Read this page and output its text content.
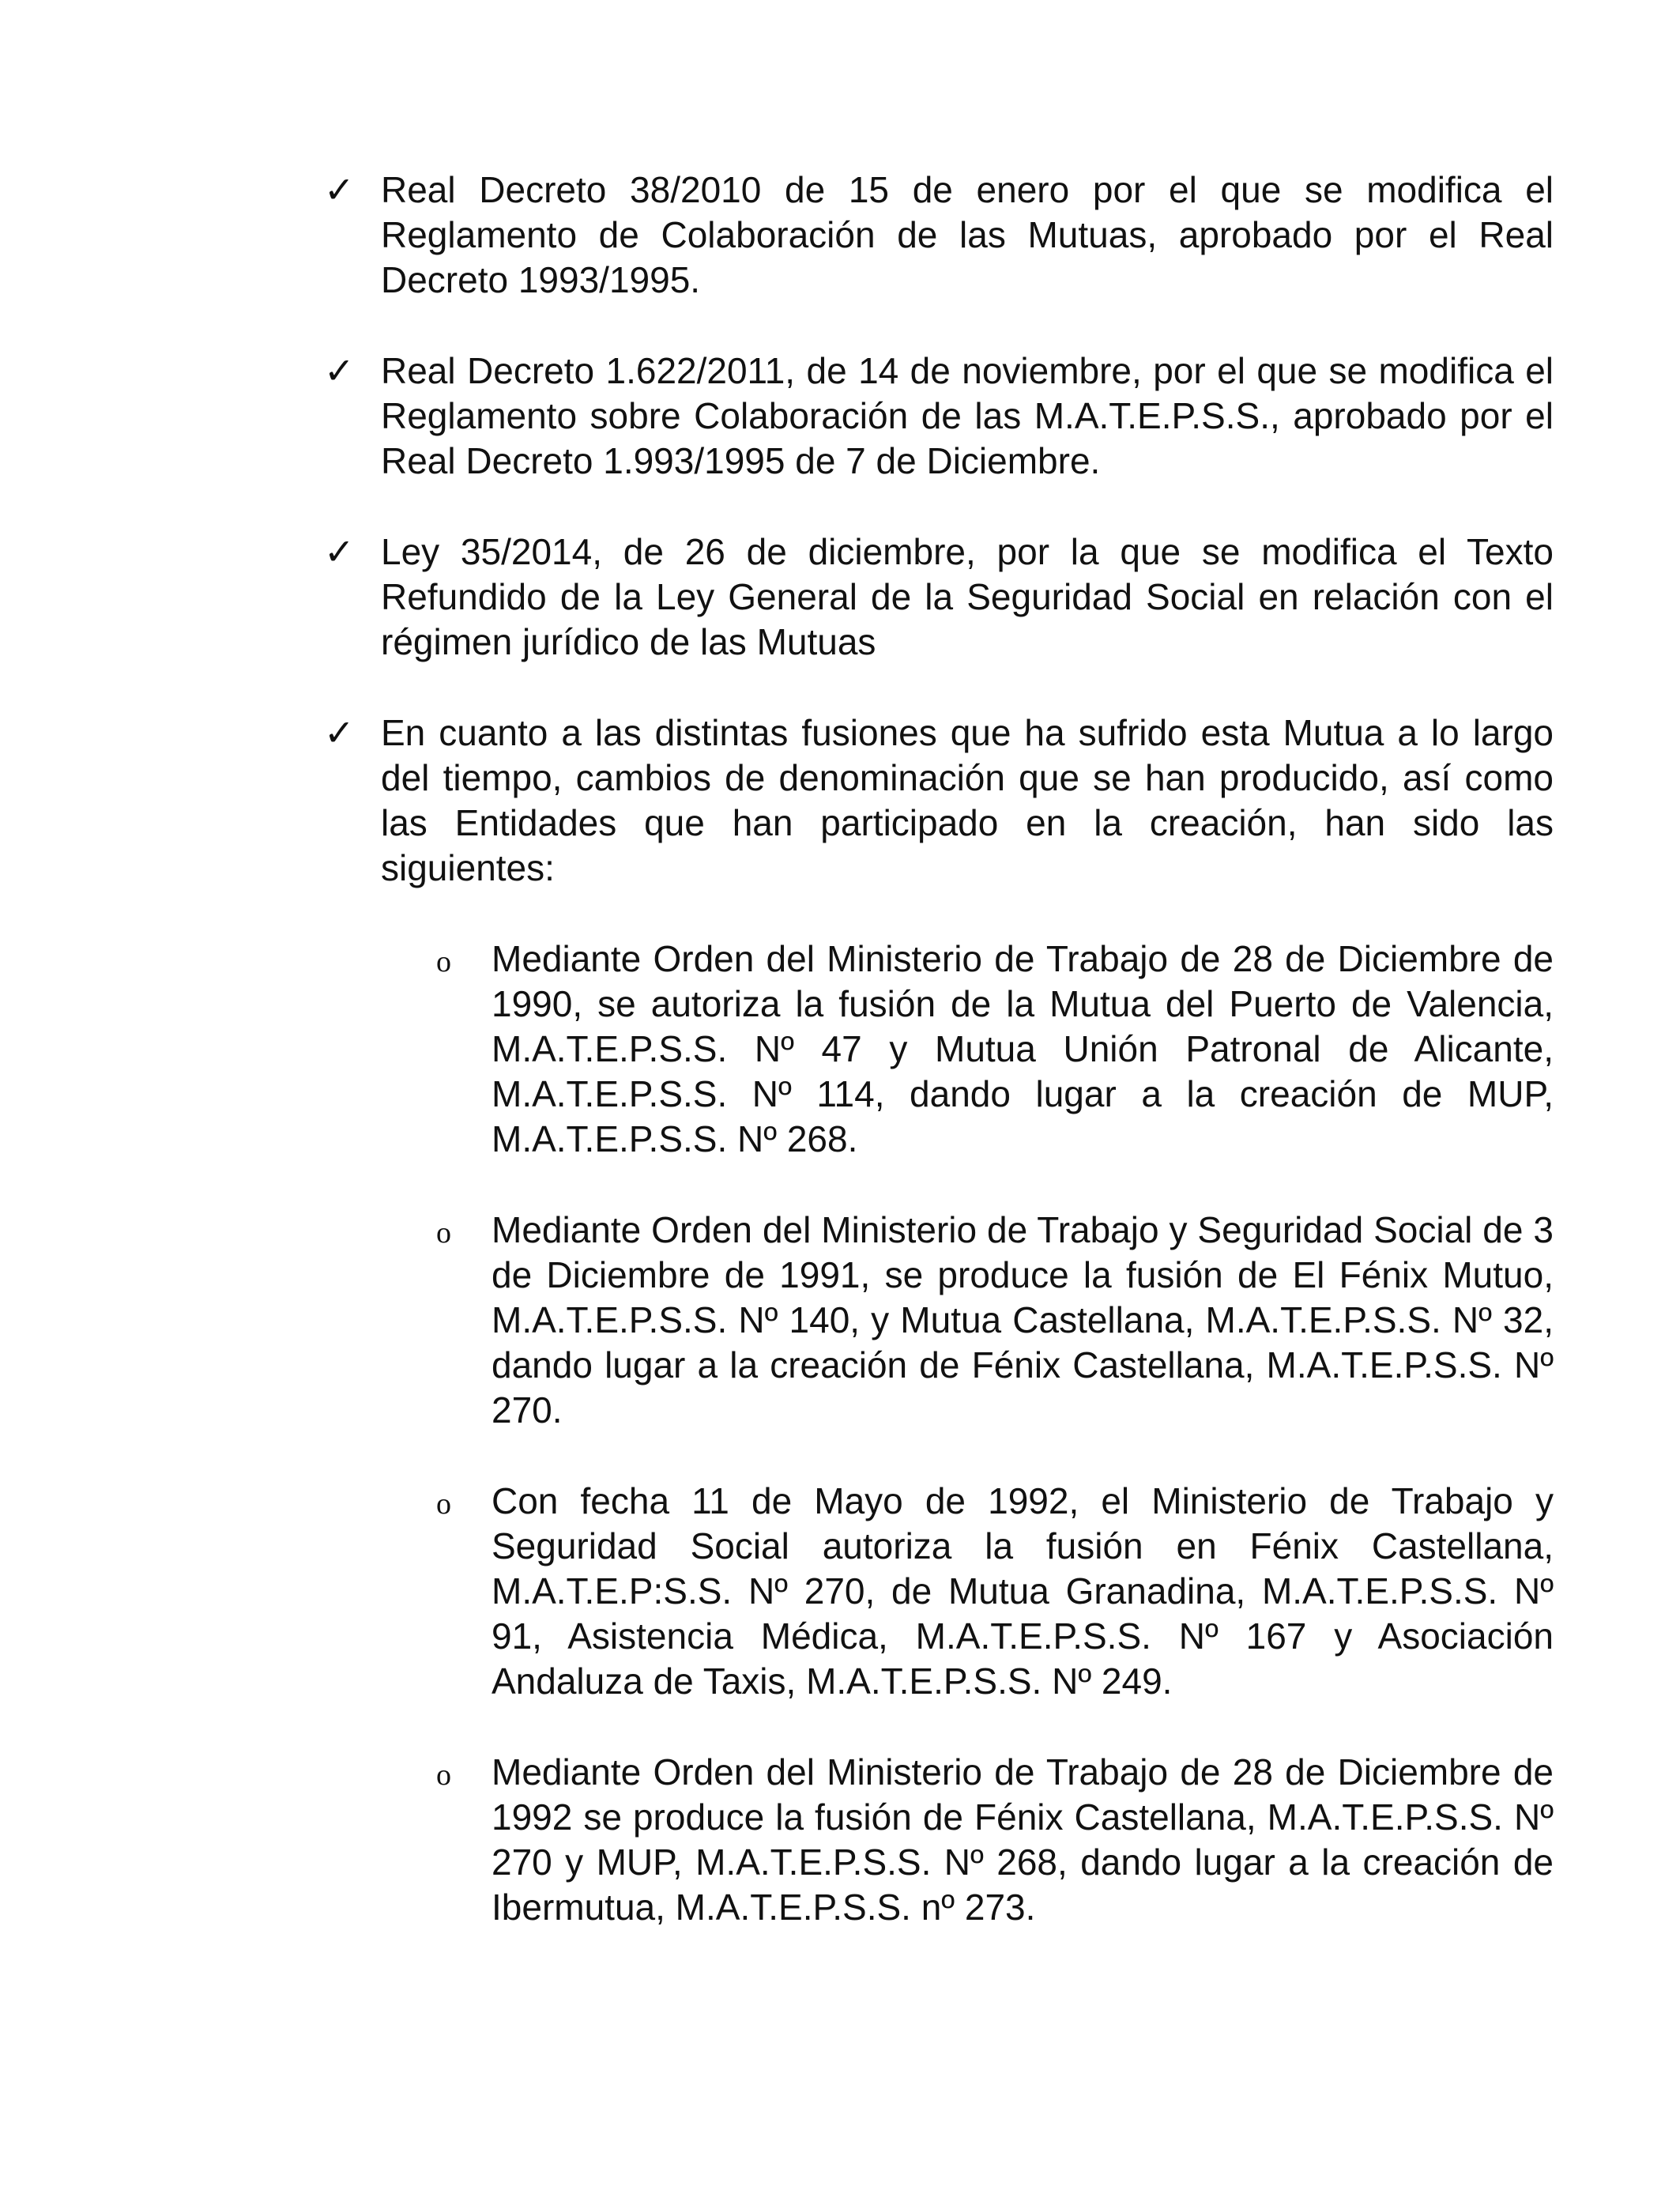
✓ Real Decreto 38/2010 de 15 de enero por el que se modifica el Reglamento de Colaboración de las Mutuas, aprobado por el Real Decreto 1993/1995.

✓ Real Decreto 1.622/2011, de 14 de noviembre, por el que se modifica el Reglamento sobre Colaboración de las M.A.T.E.P.S.S., aprobado por el Real Decreto 1.993/1995 de 7 de Diciembre.

✓ Ley 35/2014, de 26 de diciembre, por la que se modifica el Texto Refundido de la Ley General de la Seguridad Social en relación con el régimen jurídico de las Mutuas

✓ En cuanto a las distintas fusiones que ha sufrido esta Mutua a lo largo del tiempo, cambios de denominación que se han producido, así como las Entidades que han participado en la creación, han sido las siguientes:

o Mediante Orden del Ministerio de Trabajo de 28 de Diciembre de 1990, se autoriza la fusión de la Mutua del Puerto de Valencia, M.A.T.E.P.S.S. Nº 47 y Mutua Unión Patronal de Alicante, M.A.T.E.P.S.S. Nº 114, dando lugar a la creación de MUP, M.A.T.E.P.S.S. Nº 268.

o Mediante Orden del Ministerio de Trabajo y Seguridad Social de 3 de Diciembre de 1991, se produce la fusión de El Fénix Mutuo, M.A.T.E.P.S.S. Nº 140, y Mutua Castellana, M.A.T.E.P.S.S. Nº 32, dando lugar a la creación de Fénix Castellana, M.A.T.E.P.S.S. Nº 270.

o Con fecha 11 de Mayo de 1992, el Ministerio de Trabajo y Seguridad Social autoriza la fusión en Fénix Castellana, M.A.T.E.P:S.S. Nº 270, de Mutua Granadina, M.A.T.E.P.S.S. Nº 91, Asistencia Médica, M.A.T.E.P.S.S. Nº 167 y Asociación Andaluza de Taxis, M.A.T.E.P.S.S. Nº 249.

o Mediante Orden del Ministerio de Trabajo de 28 de Diciembre de 1992 se produce la fusión de Fénix Castellana, M.A.T.E.P.S.S. Nº 270 y MUP, M.A.T.E.P.S.S. Nº 268, dando lugar a la creación de Ibermutua, M.A.T.E.P.S.S. nº 273.
